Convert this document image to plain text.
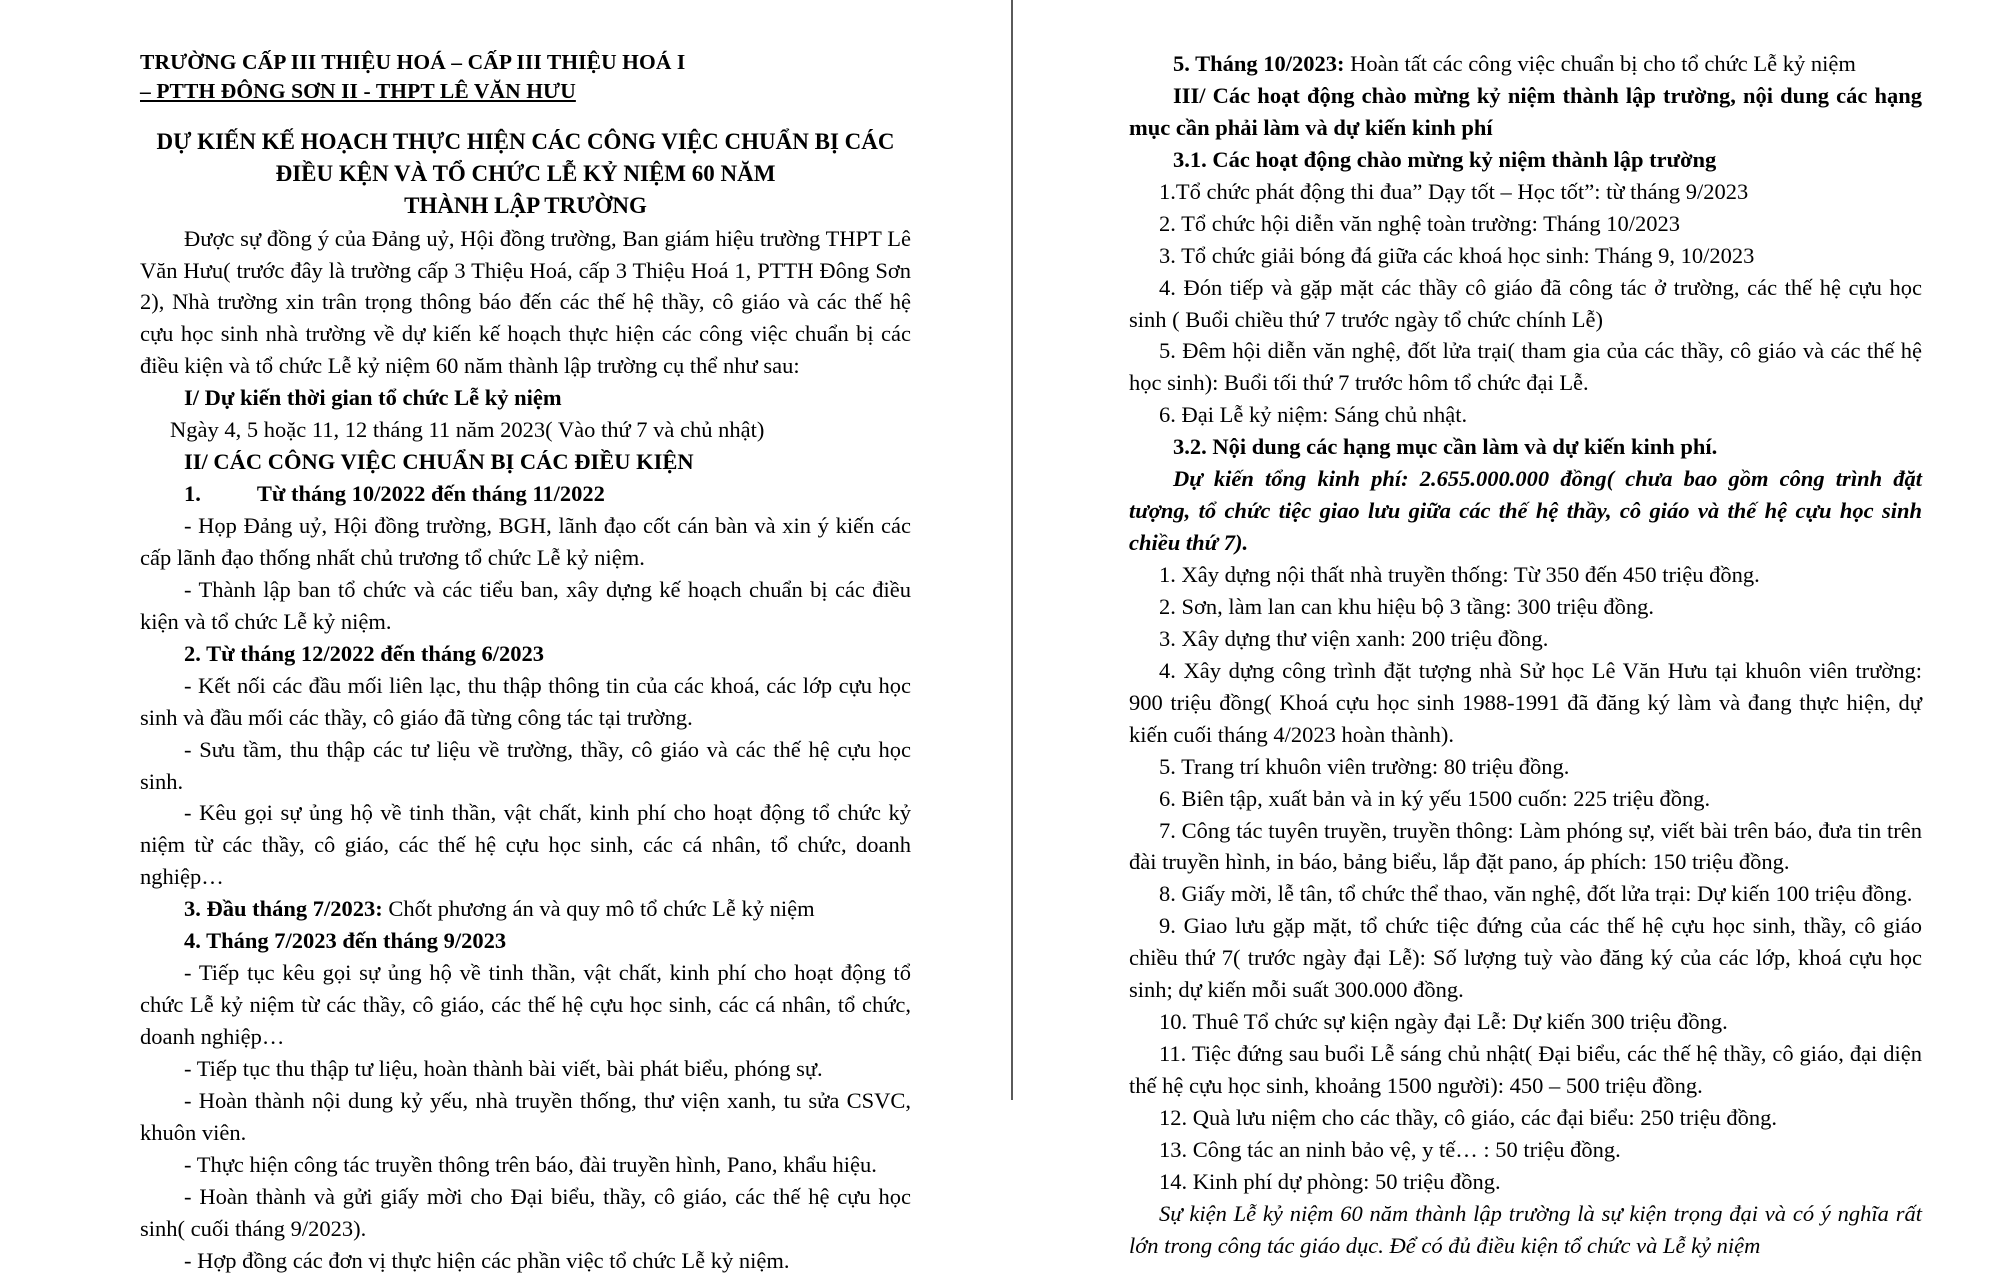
TRƯỜNG CẤP III THIỆU HOÁ – CẤP III THIỆU HOÁ I
– PTTH ĐÔNG SƠN II - THPT LÊ VĂN HƯU
DỰ KIẾN KẾ HOẠCH THỰC HIỆN CÁC CÔNG VIỆC CHUẨN BỊ CÁC
ĐIỀU KỆN VÀ TỔ CHỨC LỄ KỶ NIỆM 60 NĂM
THÀNH LẬP TRƯỜNG

Được sự đồng ý của Đảng uỷ, Hội đồng trường, Ban giám hiệu trường THPT Lê Văn Hưu( trước đây là trường cấp 3 Thiệu Hoá, cấp 3 Thiệu Hoá 1, PTTH Đông Sơn 2), Nhà trường xin trân trọng thông báo đến các thế hệ thầy, cô giáo và các thế hệ cựu học sinh nhà trường về dự kiến kế hoạch thực hiện các công việc chuẩn bị các điều kiện và tổ chức Lễ kỷ niệm 60 năm thành lập trường cụ thể như sau:

I/ Dự kiến thời gian tổ chức Lễ kỷ niệm

Ngày 4, 5 hoặc 11, 12 tháng 11 năm 2023( Vào thứ 7 và chủ nhật)

II/ CÁC CÔNG VIỆC CHUẨN BỊ CÁC ĐIỀU KIỆN

1. Từ tháng 10/2022 đến tháng 11/2022

- Họp Đảng uỷ, Hội đồng trường, BGH, lãnh đạo cốt cán bàn và xin ý kiến các cấp lãnh đạo thống nhất chủ trương tổ chức Lễ kỷ niệm.

- Thành lập ban tổ chức và các tiểu ban, xây dựng kế hoạch chuẩn bị các điều kiện và tổ chức Lễ kỷ niệm.

2. Từ tháng 12/2022 đến tháng 6/2023

- Kết nối các đầu mối liên lạc, thu thập thông tin của các khoá, các lớp cựu học sinh và đầu mối các thầy, cô giáo đã từng công tác tại trường.

- Sưu tầm, thu thập các tư liệu về trường, thầy, cô giáo và các thế hệ cựu học sinh.

- Kêu gọi sự ủng hộ về tinh thần, vật chất, kinh phí cho hoạt động tổ chức kỷ niệm từ các thầy, cô giáo, các thế hệ cựu học sinh, các cá nhân, tổ chức, doanh nghiệp…

3. Đầu tháng 7/2023: Chốt phương án và quy mô tổ chức Lễ kỷ niệm

4. Tháng 7/2023 đến tháng 9/2023

- Tiếp tục kêu gọi sự ủng hộ về tinh thần, vật chất, kinh phí cho hoạt động tổ chức Lễ kỷ niệm từ các thầy, cô giáo, các thế hệ cựu học sinh, các cá nhân, tổ chức, doanh nghiệp…

- Tiếp tục thu thập tư liệu, hoàn thành bài viết, bài phát biểu, phóng sự.

- Hoàn thành nội dung kỷ yếu, nhà truyền thống, thư viện xanh, tu sửa CSVC, khuôn viên.

- Thực hiện công tác truyền thông trên báo, đài truyền hình, Pano, khẩu hiệu.

- Hoàn thành và gửi giấy mời cho Đại biểu, thầy, cô giáo, các thế hệ cựu học sinh( cuối tháng 9/2023).

- Hợp đồng các đơn vị thực hiện các phần việc tổ chức Lễ kỷ niệm.

5. Tháng 10/2023: Hoàn tất các công việc chuẩn bị cho tổ chức Lễ kỷ niệm

III/ Các hoạt động chào mừng kỷ niệm thành lập trường, nội dung các hạng mục cần phải làm và dự kiến kinh phí

3.1. Các hoạt động chào mừng kỷ niệm thành lập trường

1.Tổ chức phát động thi đua” Dạy tốt – Học tốt”: từ tháng 9/2023

2. Tổ chức hội diễn văn nghệ toàn trường: Tháng 10/2023

3. Tổ chức giải bóng đá giữa các khoá học sinh: Tháng 9, 10/2023

4. Đón tiếp và gặp mặt các thầy cô giáo đã công tác ở trường, các thế hệ cựu học sinh ( Buổi chiều thứ 7 trước ngày tổ chức chính Lễ)

5. Đêm hội diễn văn nghệ, đốt lửa trại( tham gia của các thầy, cô giáo và các thế hệ học sinh): Buổi tối thứ 7 trước hôm tổ chức đại Lễ.

6. Đại Lễ kỷ niệm: Sáng chủ nhật.

3.2. Nội dung các hạng mục cần làm và dự kiến kinh phí.

Dự kiến tổng kinh phí: 2.655.000.000 đồng( chưa bao gồm công trình đặt tượng, tổ chức tiệc giao lưu giữa các thế hệ thầy, cô giáo và thế hệ cựu học sinh chiều thứ 7).

1. Xây dựng nội thất nhà truyền thống: Từ 350 đến 450 triệu đồng.

2. Sơn, làm lan can khu hiệu bộ 3 tầng: 300 triệu đồng.

3. Xây dựng thư viện xanh: 200 triệu đồng.

4. Xây dựng công trình đặt tượng nhà Sử học Lê Văn Hưu tại khuôn viên trường: 900 triệu đồng( Khoá cựu học sinh 1988-1991 đã đăng ký làm và đang thực hiện, dự kiến cuối tháng 4/2023 hoàn thành).

5. Trang trí khuôn viên trường: 80 triệu đồng.

6. Biên tập, xuất bản và in ký yếu 1500 cuốn: 225 triệu đồng.

7. Công tác tuyên truyền, truyền thông: Làm phóng sự, viết bài trên báo, đưa tin trên đài truyền hình, in báo, bảng biểu, lắp đặt pano, áp phích: 150 triệu đồng.

8. Giấy mời, lễ tân, tổ chức thể thao, văn nghệ, đốt lửa trại: Dự kiến 100 triệu đồng.

9. Giao lưu gặp mặt, tổ chức tiệc đứng của các thế hệ cựu học sinh, thầy, cô giáo chiều thứ 7( trước ngày đại Lễ): Số lượng tuỳ vào đăng ký của các lớp, khoá cựu học sinh; dự kiến mỗi suất 300.000 đồng.

10. Thuê Tổ chức sự kiện ngày đại Lễ: Dự kiến 300 triệu đồng.

11. Tiệc đứng sau buổi Lễ sáng chủ nhật( Đại biểu, các thế hệ thầy, cô giáo, đại diện thế hệ cựu học sinh, khoảng 1500 người): 450 – 500 triệu đồng.

12. Quà lưu niệm cho các thầy, cô giáo, các đại biểu: 250 triệu đồng.

13. Công tác an ninh bảo vệ, y tế… : 50 triệu đồng.

14. Kinh phí dự phòng: 50 triệu đồng.

Sự kiện Lễ kỷ niệm 60 năm thành lập trường là sự kiện trọng đại và có ý nghĩa rất lớn trong công tác giáo dục. Để có đủ điều kiện tổ chức và Lễ kỷ niệm
